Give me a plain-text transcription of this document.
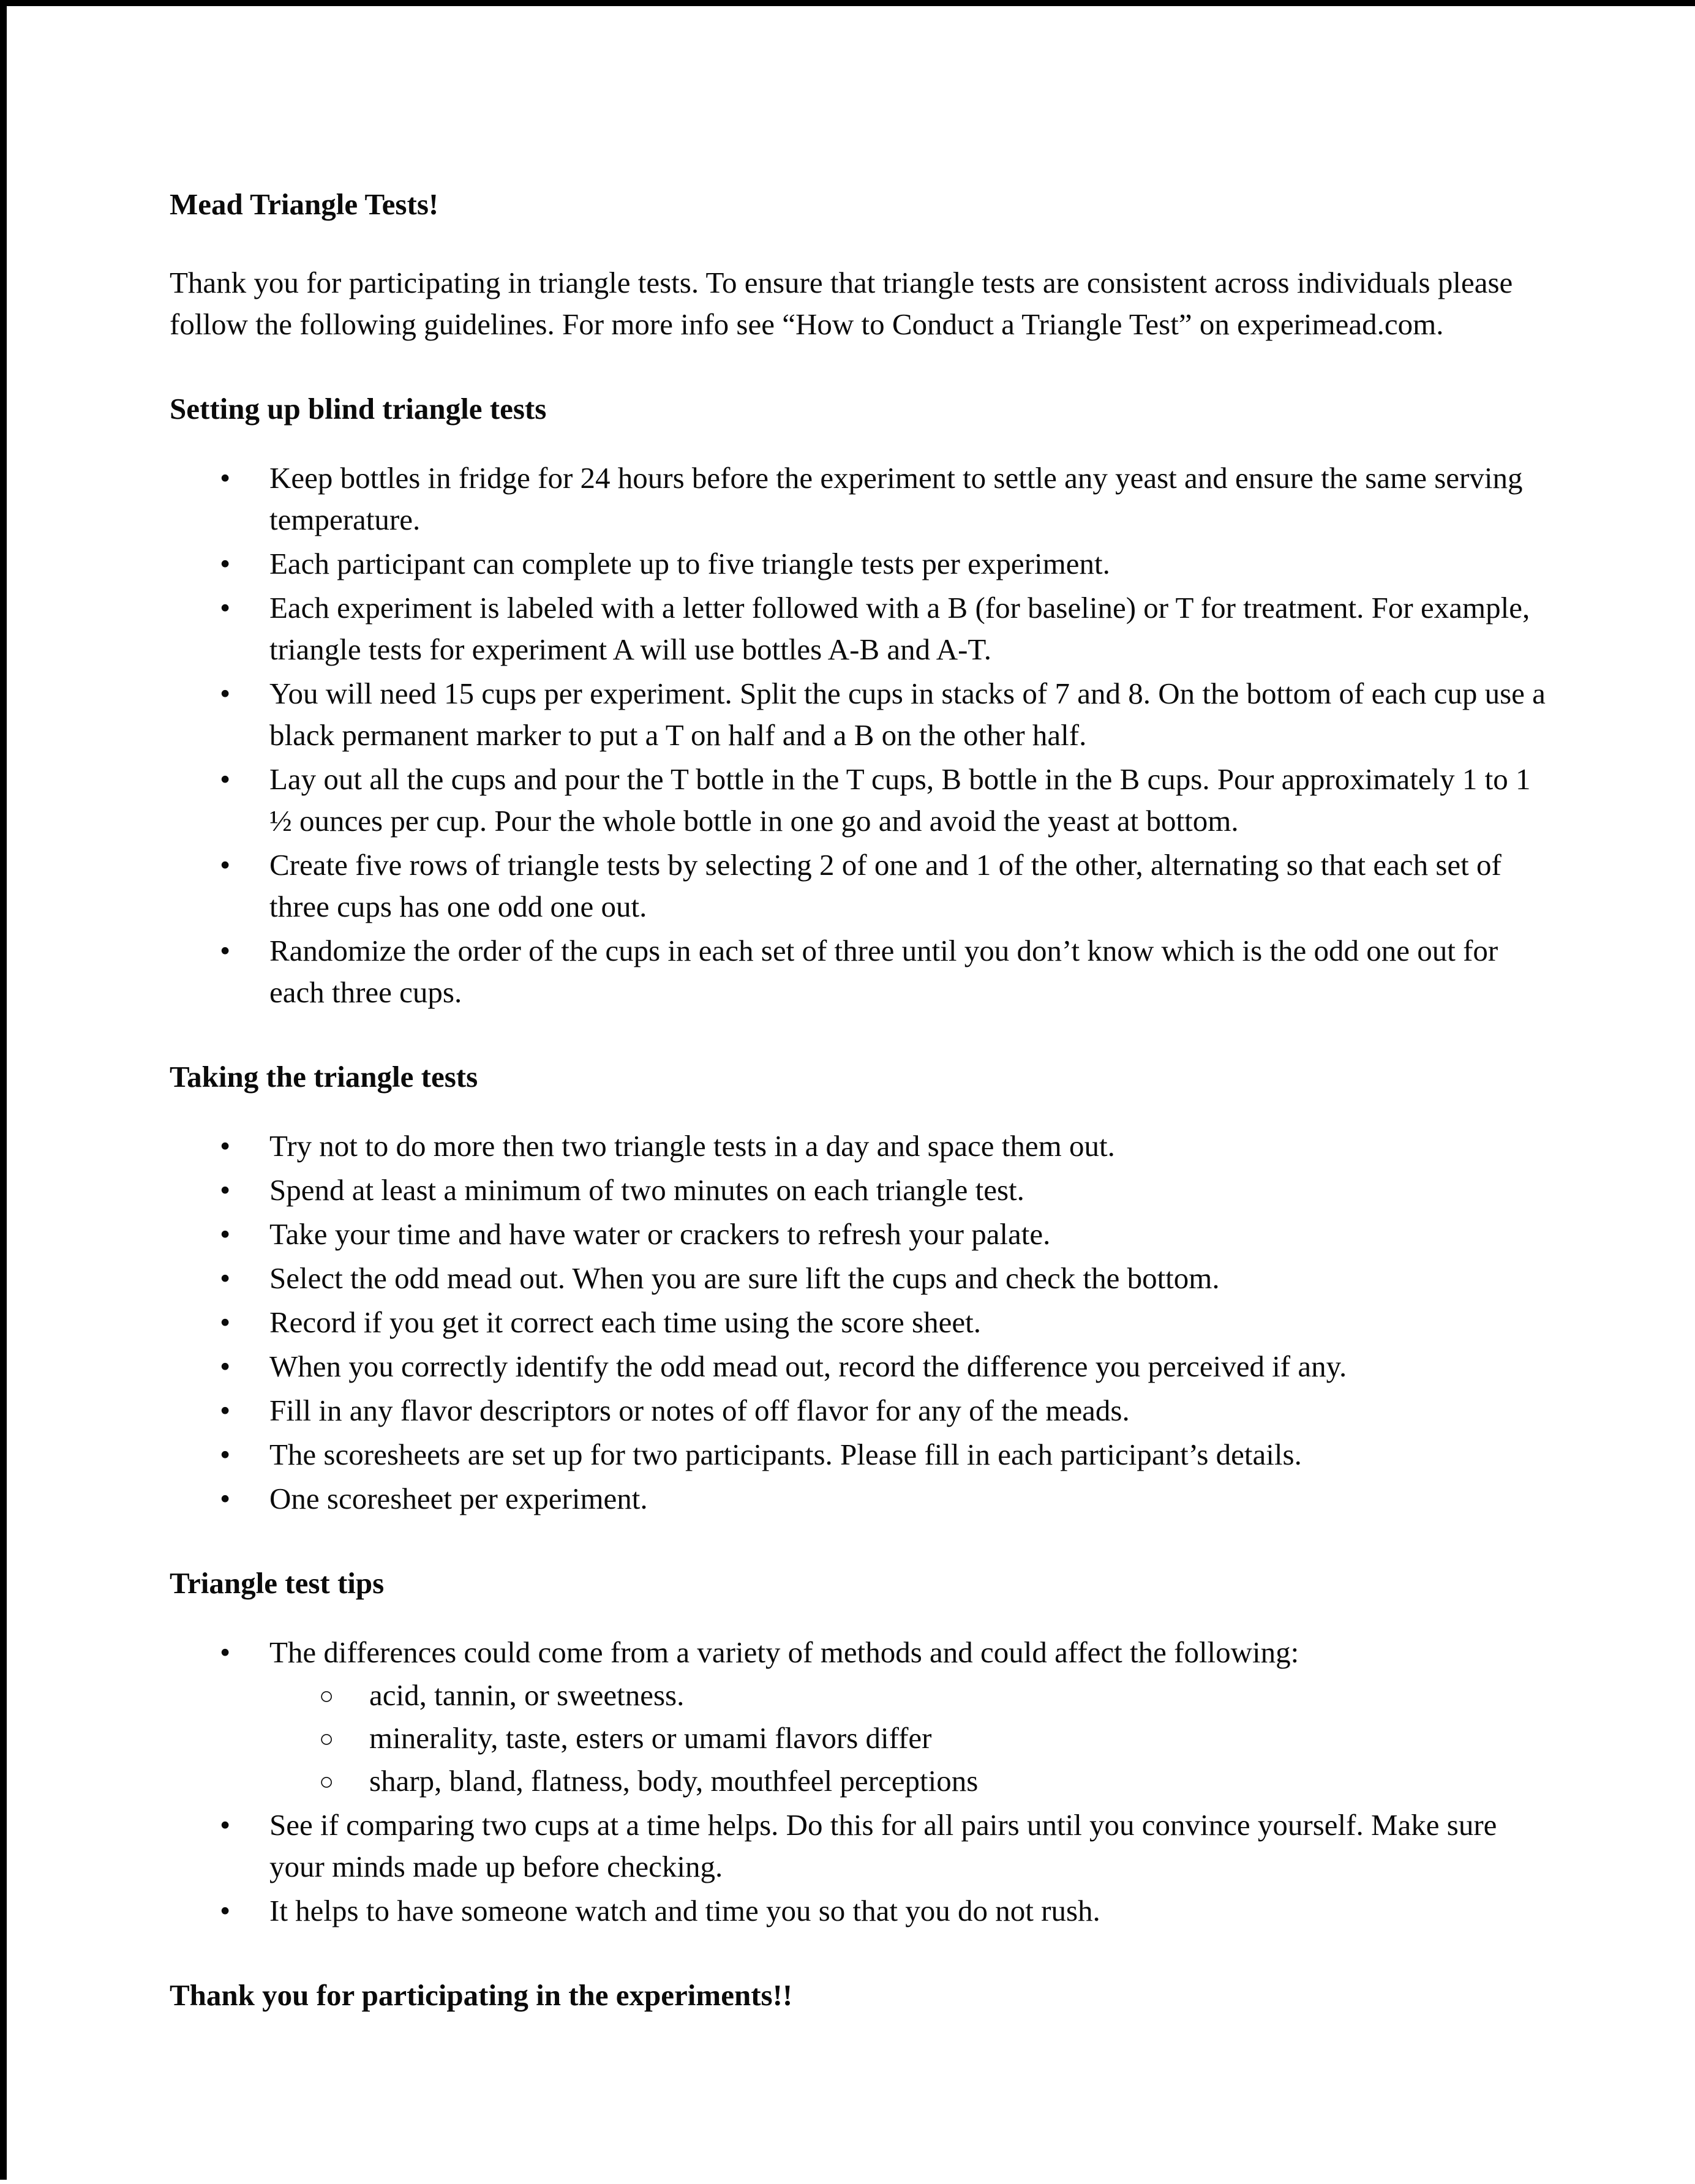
Mead Triangle Tests!

Thank you for participating in triangle tests. To ensure that triangle tests are consistent across individuals please follow the following guidelines. For more info see “How to Conduct a Triangle Test” on experimead.com.

Setting up blind triangle tests
• Keep bottles in fridge for 24 hours before the experiment to settle any yeast and ensure the same serving temperature.
• Each participant can complete up to five triangle tests per experiment.
• Each experiment is labeled with a letter followed with a B (for baseline) or T for treatment. For example, triangle tests for experiment A will use bottles A-B and A-T.
• You will need 15 cups per experiment. Split the cups in stacks of 7 and 8. On the bottom of each cup use a black permanent marker to put a T on half and a B on the other half.
• Lay out all the cups and pour the T bottle in the T cups, B bottle in the B cups. Pour approximately 1 to 1 ½ ounces per cup. Pour the whole bottle in one go and avoid the yeast at bottom.
• Create five rows of triangle tests by selecting 2 of one and 1 of the other, alternating so that each set of three cups has one odd one out.
• Randomize the order of the cups in each set of three until you don’t know which is the odd one out for each three cups.
Taking the triangle tests
• Try not to do more then two triangle tests in a day and space them out.
• Spend at least a minimum of two minutes on each triangle test.
• Take your time and have water or crackers to refresh your palate.
• Select the odd mead out. When you are sure lift the cups and check the bottom.
• Record if you get it correct each time using the score sheet.
• When you correctly identify the odd mead out, record the difference you perceived if any.
• Fill in any flavor descriptors or notes of off flavor for any of the meads.
• The scoresheets are set up for two participants. Please fill in each participant’s details.
• One scoresheet per experiment.
Triangle test tips
• The differences could come from a variety of methods and could affect the following:
○ acid, tannin, or sweetness.
○ minerality, taste, esters or umami flavors differ
○ sharp, bland, flatness, body, mouthfeel perceptions
• See if comparing two cups at a time helps. Do this for all pairs until you convince yourself. Make sure your minds made up before checking.
• It helps to have someone watch and time you so that you do not rush.

Thank you for participating in the experiments!!
